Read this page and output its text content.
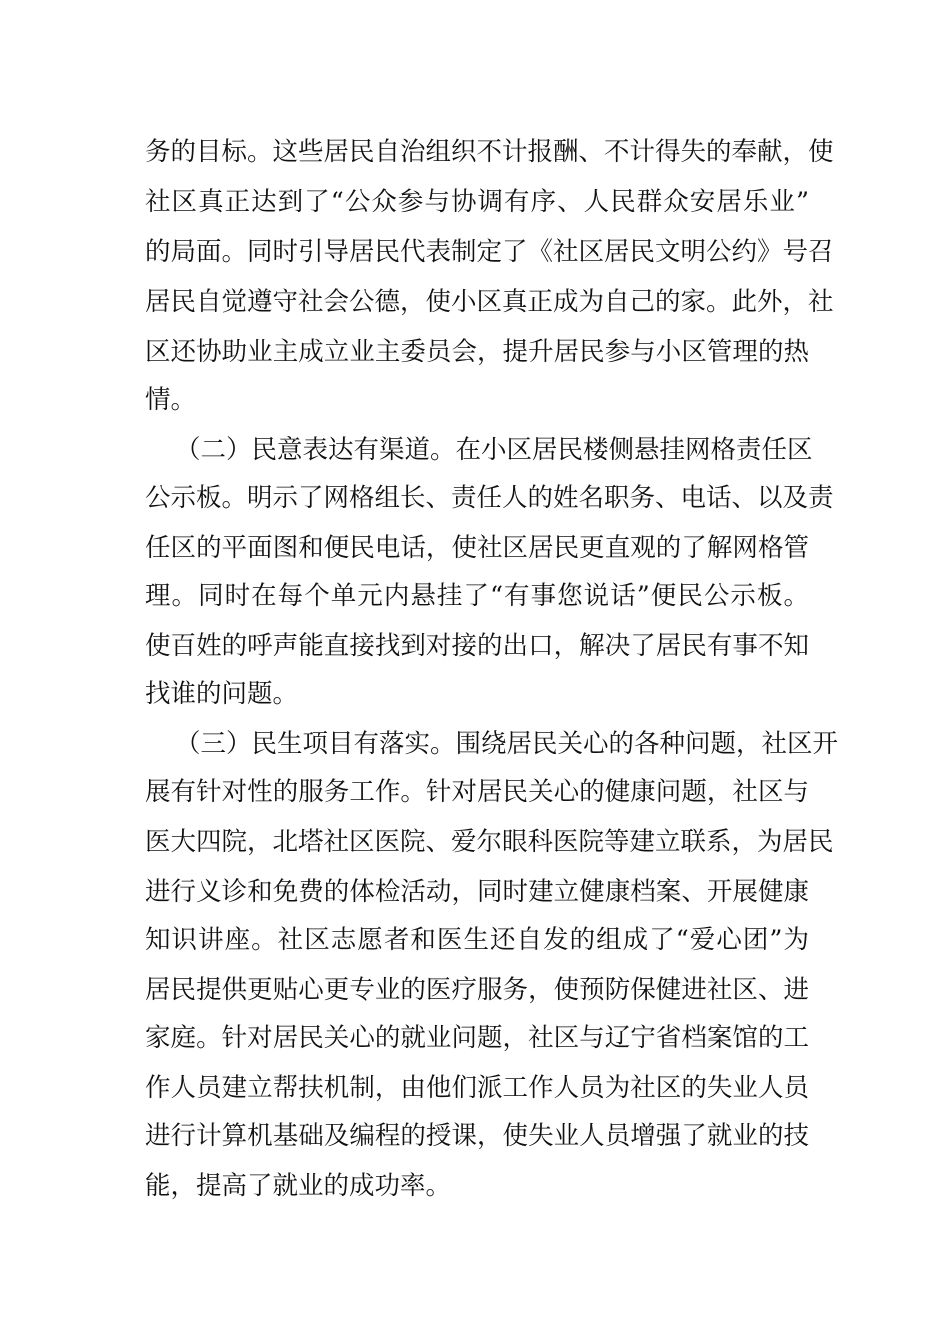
务的目标。这些居民自治组织不计报酬、不计得失的奉献，使
社区真正达到了“公众参与协调有序、人民群众安居乐业”
的局面。同时引导居民代表制定了《社区居民文明公约》号召
居民自觉遵守社会公德，使小区真正成为自己的家。此外，社
区还协助业主成立业主委员会，提升居民参与小区管理的热
情。
（二）民意表达有渠道。在小区居民楼侧悬挂网格责任区
公示板。明示了网格组长、责任人的姓名职务、电话、以及责
任区的平面图和便民电话，使社区居民更直观的了解网格管
理。同时在每个单元内悬挂了“有事您说话”便民公示板。
使百姓的呼声能直接找到对接的出口，解决了居民有事不知
找谁的问题。
（三）民生项目有落实。围绕居民关心的各种问题，社区开
展有针对性的服务工作。针对居民关心的健康问题，社区与
医大四院，北塔社区医院、爱尔眼科医院等建立联系，为居民
进行义诊和免费的体检活动，同时建立健康档案、开展健康
知识讲座。社区志愿者和医生还自发的组成了“爱心团”为
居民提供更贴心更专业的医疗服务，使预防保健进社区、进
家庭。针对居民关心的就业问题，社区与辽宁省档案馆的工
作人员建立帮扶机制，由他们派工作人员为社区的失业人员
进行计算机基础及编程的授课，使失业人员增强了就业的技
能，提高了就业的成功率。
